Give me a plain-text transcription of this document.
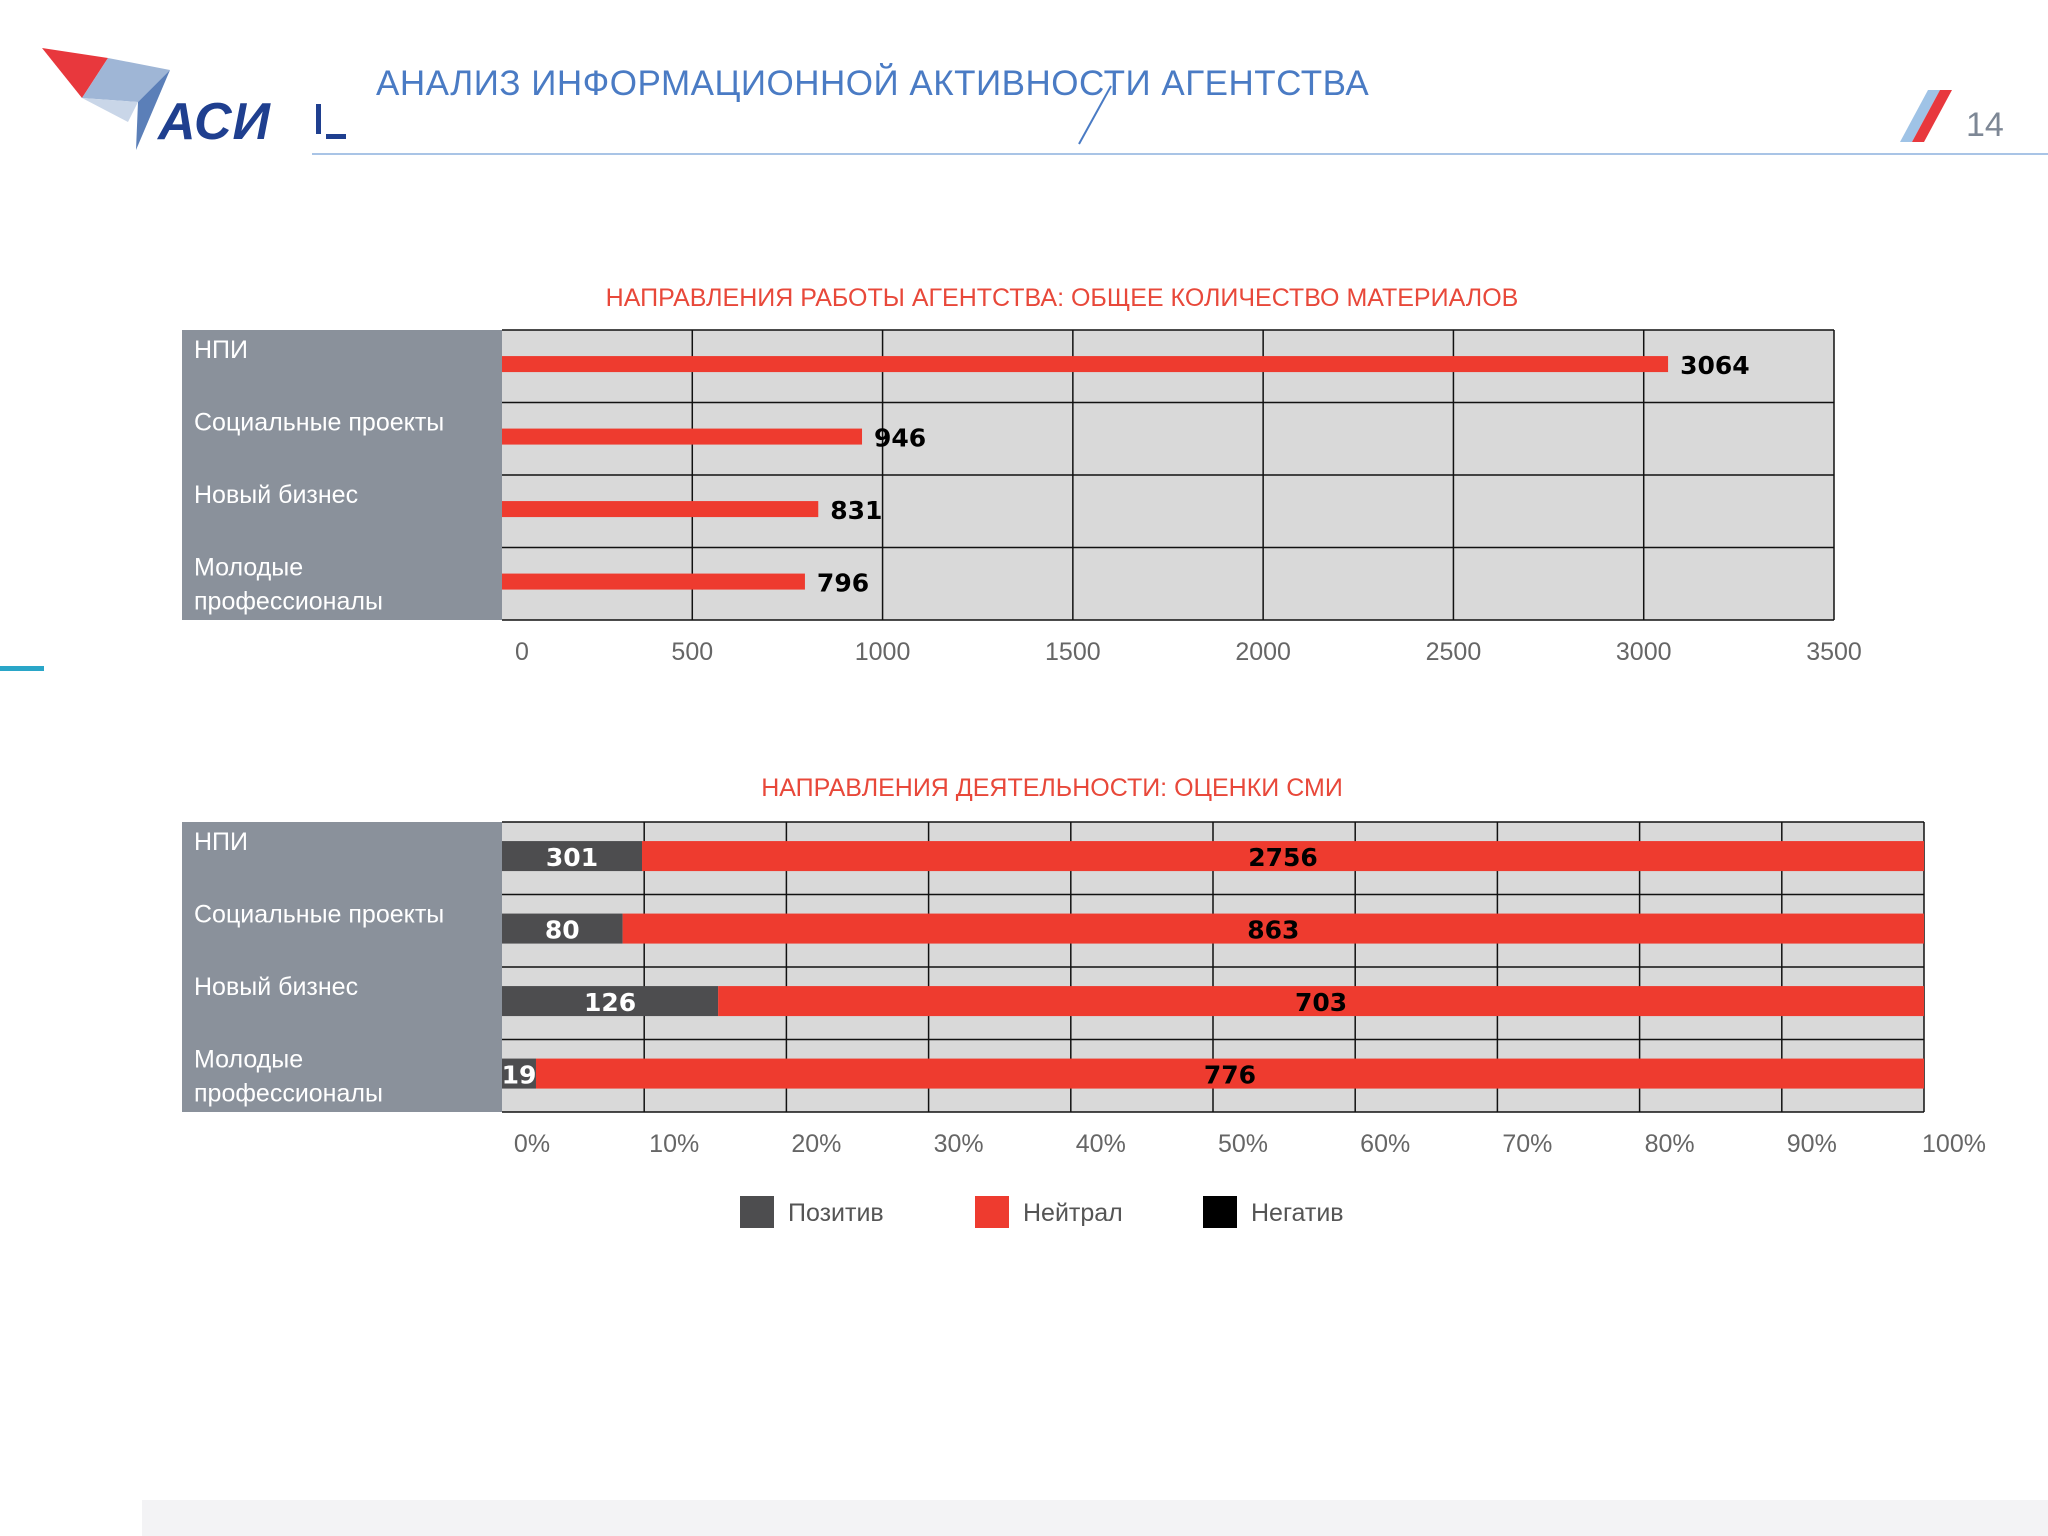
АСИ
АНАЛИЗ ИНФОРМАЦИОННОЙ АКТИВНОСТИ АГЕНТСТВА
14
НАПРАВЛЕНИЯ РАБОТЫ АГЕНТСТВА: ОБЩЕЕ КОЛИЧЕСТВО МАТЕРИАЛОВ
НПИ
Социальные проекты
Новый бизнес
Молодые
профессионалы
0	500	1000	1500	2000	2500	3000	3500
3064
946
831
796
НАПРАВЛЕНИЯ ДЕЯТЕЛЬНОСТИ: ОЦЕНКИ СМИ
НПИ
Социальные проекты
Новый бизнес
Молодые
профессионалы
0%	10%	20%	30%	40%	50%	60%	70%	80%	90%	100%
301	2756
80	863
126	703
19	776
Позитив	Нейтрал	Негатив
